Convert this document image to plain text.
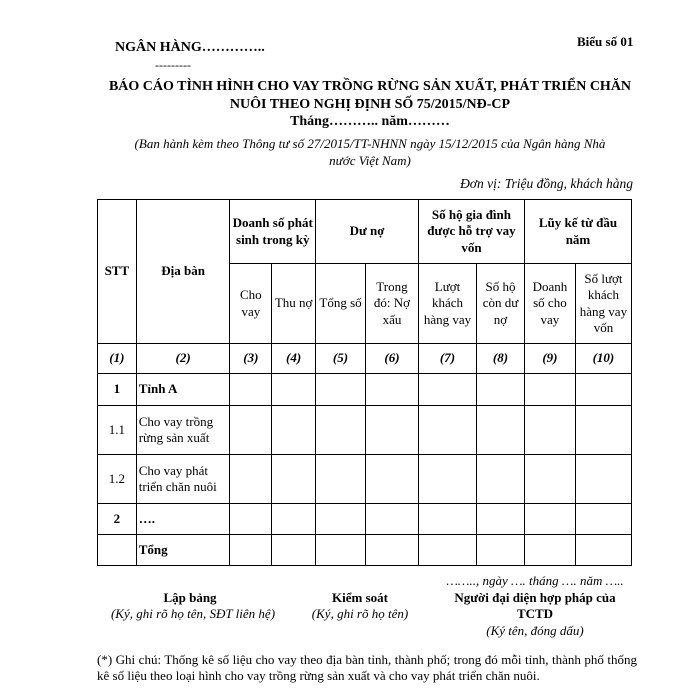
NGÂN HÀNG…………..
---------
Biểu số 01
BÁO CÁO TÌNH HÌNH CHO VAY TRỒNG RỪNG SẢN XUẤT, PHÁT TRIỂN CHĂN
NUÔI THEO NGHỊ ĐỊNH SỐ 75/2015/NĐ-CP
Tháng……….. năm………
(Ban hành kèm theo Thông tư số 27/2015/TT-NHNN ngày 15/12/2015 của Ngân hàng Nhà
nước Việt Nam)
Đơn vị: Triệu đồng, khách hàng
STT	Địa bàn	Doanh số phát sinh trong kỳ		Dư nợ		Số hộ gia đình được hỗ trợ vay vốn		Lũy kế từ đầu năm	
		Cho vay	Thu nợ	Tổng số	Trong đó: Nợ xấu	Lượt khách hàng vay	Số hộ còn dư nợ	Doanh số cho vay	Số lượt khách hàng vay vốn
(1)	(2)	(3)	(4)	(5)	(6)	(7)	(8)	(9)	(10)
1	Tỉnh A								
1.1	Cho vay trồng rừng sản xuất								
1.2	Cho vay phát triển chăn nuôi								
2	….								
	Tổng								
…….., ngày …. tháng …. năm …..
Lập bảng
(Ký, ghi rõ họ tên, SĐT liên hệ)
Kiểm soát
(Ký, ghi rõ họ tên)
Người đại diện hợp pháp của
TCTD
(Ký tên, đóng dấu)
(*) Ghi chú: Thống kê số liệu cho vay theo địa bàn tỉnh, thành phố; trong đó mỗi tỉnh, thành phố thống kê số liệu theo loại hình cho vay trồng rừng sản xuất và cho vay phát triển chăn nuôi.
